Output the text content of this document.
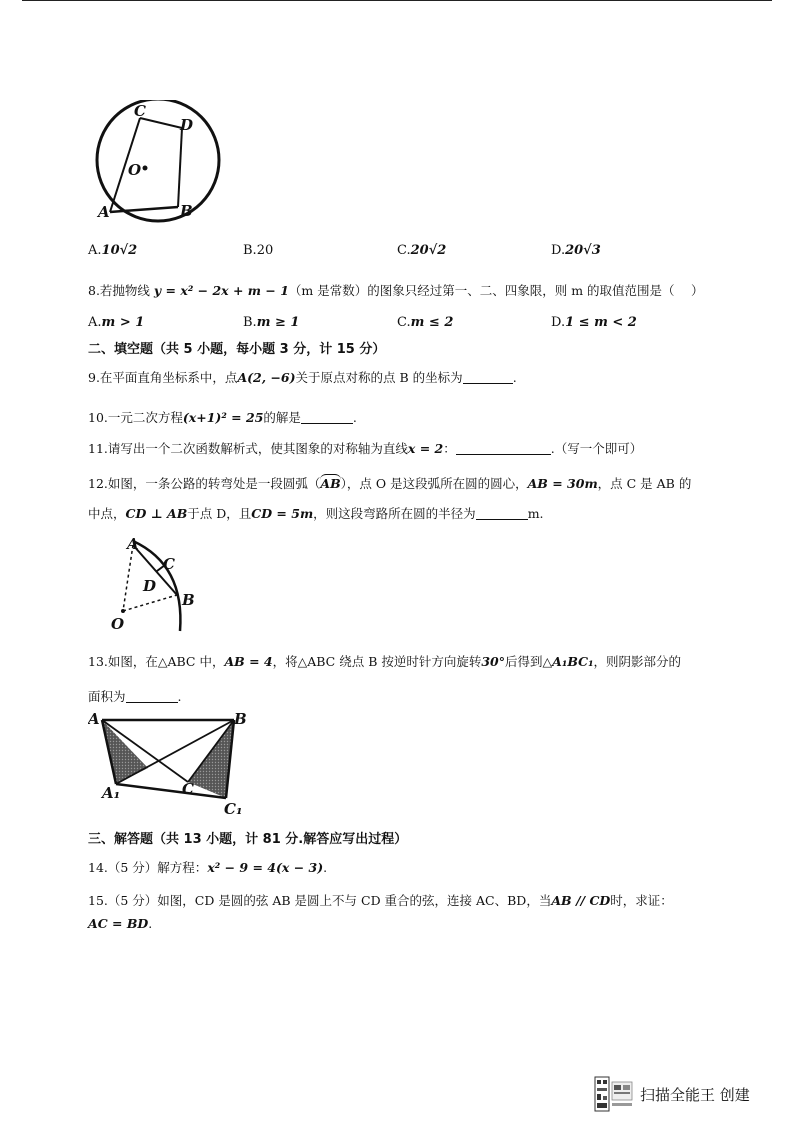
C
D
O
A	B
A.10√2	B.20	C.20√2	D.20√3
8.若抛物线 y = x² − 2x + m − 1（m 是常数）的图象只经过第一、二、四象限，则 m 的取值范围是（　 ）
A.m > 1	B.m ≥ 1	C.m ≤ 2	D.1 ≤ m < 2
二、填空题（共 5 小题，每小题 3 分，计 15 分）
9.在平面直角坐标系中，点A(2, −6)关于原点对称的点 B 的坐标为	.
10.一元二次方程(x+1)² = 25的解是	.
11.请写出一个二次函数解析式，使其图象的对称轴为直线x = 2：	.（写一个即可）
12.如图，一条公路的转弯处是一段圆弧（AB），点 O 是这段弧所在圆的圆心，AB = 30m，点 C 是 AB 的
中点，CD ⊥ AB于点 D，且CD = 5m，则这段弯路所在圆的半径为	m.
A
C
D
B
O
13.如图，在△ABC 中，AB = 4，将△ABC 绕点 B 按逆时针方向旋转30°后得到△A₁BC₁，则阴影部分的
面积为	.
A	B
A₁	C
C₁
三、解答题（共 13 小题，计 81 分.解答应写出过程）
14.（5 分）解方程：x² − 9 = 4(x − 3).
15.（5 分）如图，CD 是圆的弦 AB 是圆上不与 CD 重合的弦，连接 AC、BD，当AB // CD时，求证：
AC = BD.
扫描全能王 创建
